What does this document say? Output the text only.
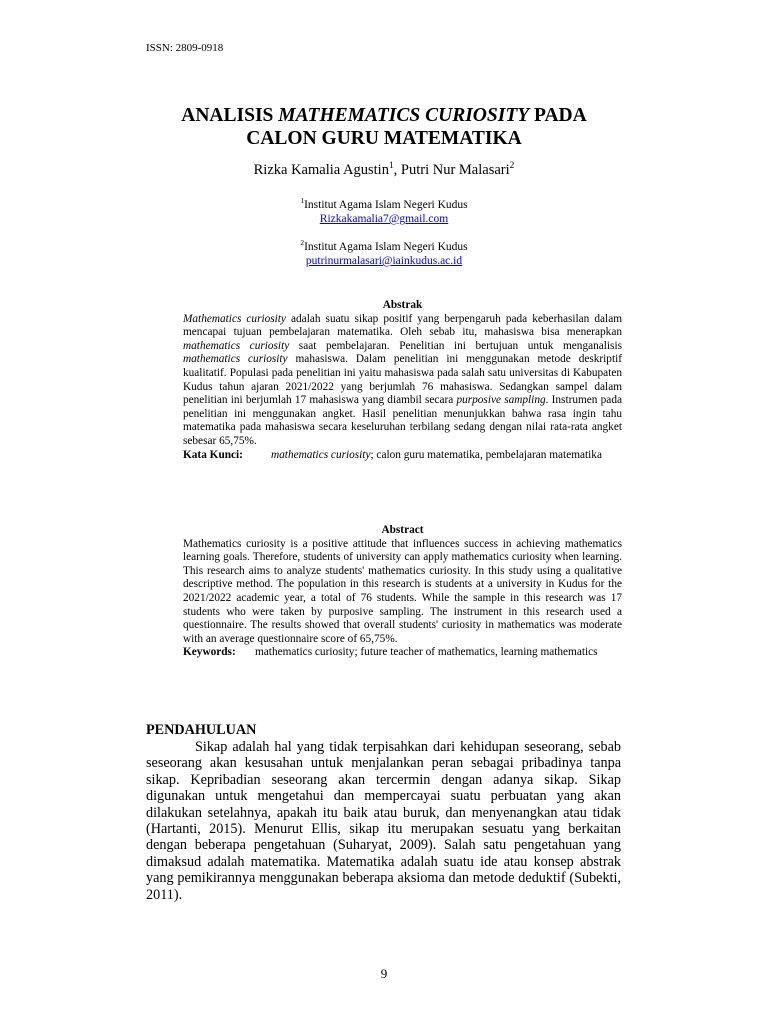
ISSN: 2809-0918
ANALISIS MATHEMATICS CURIOSITY PADA
CALON GURU MATEMATIKA
Rizka Kamalia Agustin$^1$, Putri Nur Malasari$^2$
$^1$Institut Agama Islam Negeri Kudus
Rizkakamalia7@gmail.com
$^2$Institut Agama Islam Negeri Kudus
putrinurmalasari@iainkudus.ac.id
Abstrak
Mathematics curiosity adalah suatu sikap positif yang berpengaruh pada keberhasilan dalam mencapai tujuan pembelajaran matematika. Oleh sebab itu, mahasiswa bisa menerapkan mathematics curiosity saat pembelajaran. Penelitian ini bertujuan untuk menganalisis mathematics curiosity mahasiswa. Dalam penelitian ini menggunakan metode deskriptif kualitatif. Populasi pada penelitian ini yaitu mahasiswa pada salah satu universitas di Kabupaten Kudus tahun ajaran 2021/2022 yang berjumlah 76 mahasiswa. Sedangkan sampel dalam penelitian ini berjumlah 17 mahasiswa yang diambil secara purposive sampling. Instrumen pada penelitian ini menggunakan angket. Hasil penelitian menunjukkan bahwa rasa ingin tahu matematika pada mahasiswa secara keseluruhan terbilang sedang dengan nilai rata-rata angket sebesar 65,75%.
Kata Kunci:	mathematics curiosity; calon guru matematika, pembelajaran matematika
Abstract
Mathematics curiosity is a positive attitude that influences success in achieving mathematics learning goals. Therefore, students of university can apply mathematics curiosity when learning. This research aims to analyze students' mathematics curiosity. In this study using a qualitative descriptive method. The population in this research is students at a university in Kudus for the 2021/2022 academic year, a total of 76 students. While the sample in this research was 17 students who were taken by purposive sampling. The instrument in this research used a questionnaire. The results showed that overall students' curiosity in mathematics was moderate with an average questionnaire score of 65,75%.
Keywords:	mathematics curiosity; future teacher of mathematics, learning mathematics
PENDAHULUAN
Sikap adalah hal yang tidak terpisahkan dari kehidupan seseorang, sebab seseorang akan kesusahan untuk menjalankan peran sebagai pribadinya tanpa sikap. Kepribadian seseorang akan tercermin dengan adanya sikap. Sikap digunakan untuk mengetahui dan mempercayai suatu perbuatan yang akan dilakukan setelahnya, apakah itu baik atau buruk, dan menyenangkan atau tidak (Hartanti, 2015). Menurut Ellis, sikap itu merupakan sesuatu yang berkaitan dengan beberapa pengetahuan (Suharyat, 2009). Salah satu pengetahuan yang dimaksud adalah matematika. Matematika adalah suatu ide atau konsep abstrak yang pemikirannya menggunakan beberapa aksioma dan metode deduktif (Subekti, 2011).
9
